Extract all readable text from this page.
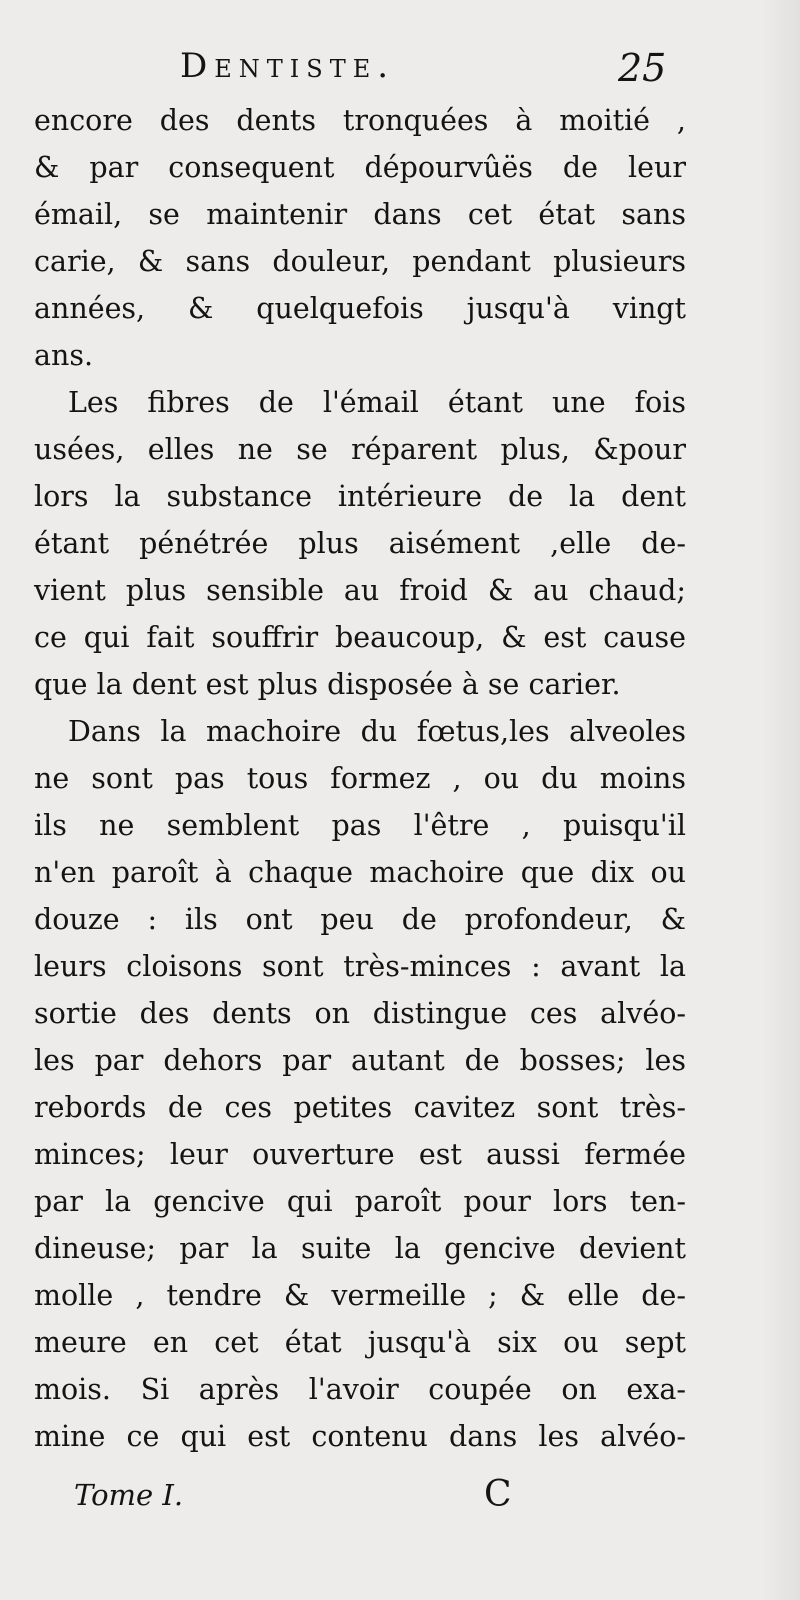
Dentiste.	25
encore des dents tronquées à moitié ,
& par consequent dépourvûës de leur
émail, se maintenir dans cet état sans
carie, & sans douleur, pendant plusieurs
années, & quelquefois jusqu'à vingt
ans.
Les fibres de l'émail étant une fois
usées, elles ne se réparent plus, &pour
lors la substance intérieure de la dent
étant pénétrée plus aisément ,elle de-
vient plus sensible au froid & au chaud;
ce qui fait souffrir beaucoup, & est cause
que la dent est plus disposée à se carier.
Dans la machoire du fœtus,les alveoles
ne sont pas tous formez , ou du moins
ils ne semblent pas l'être , puisqu'il
n'en paroît à chaque machoire que dix ou
douze : ils ont peu de profondeur, &
leurs cloisons sont très-minces : avant la
sortie des dents on distingue ces alvéo-
les par dehors par autant de bosses; les
rebords de ces petites cavitez sont très-
minces; leur ouverture est aussi fermée
par la gencive qui paroît pour lors ten-
dineuse; par la suite la gencive devient
molle , tendre & vermeille ; & elle de-
meure en cet état jusqu'à six ou sept
mois. Si après l'avoir coupée on exa-
mine ce qui est contenu dans les alvéo-
Tome I.	C
